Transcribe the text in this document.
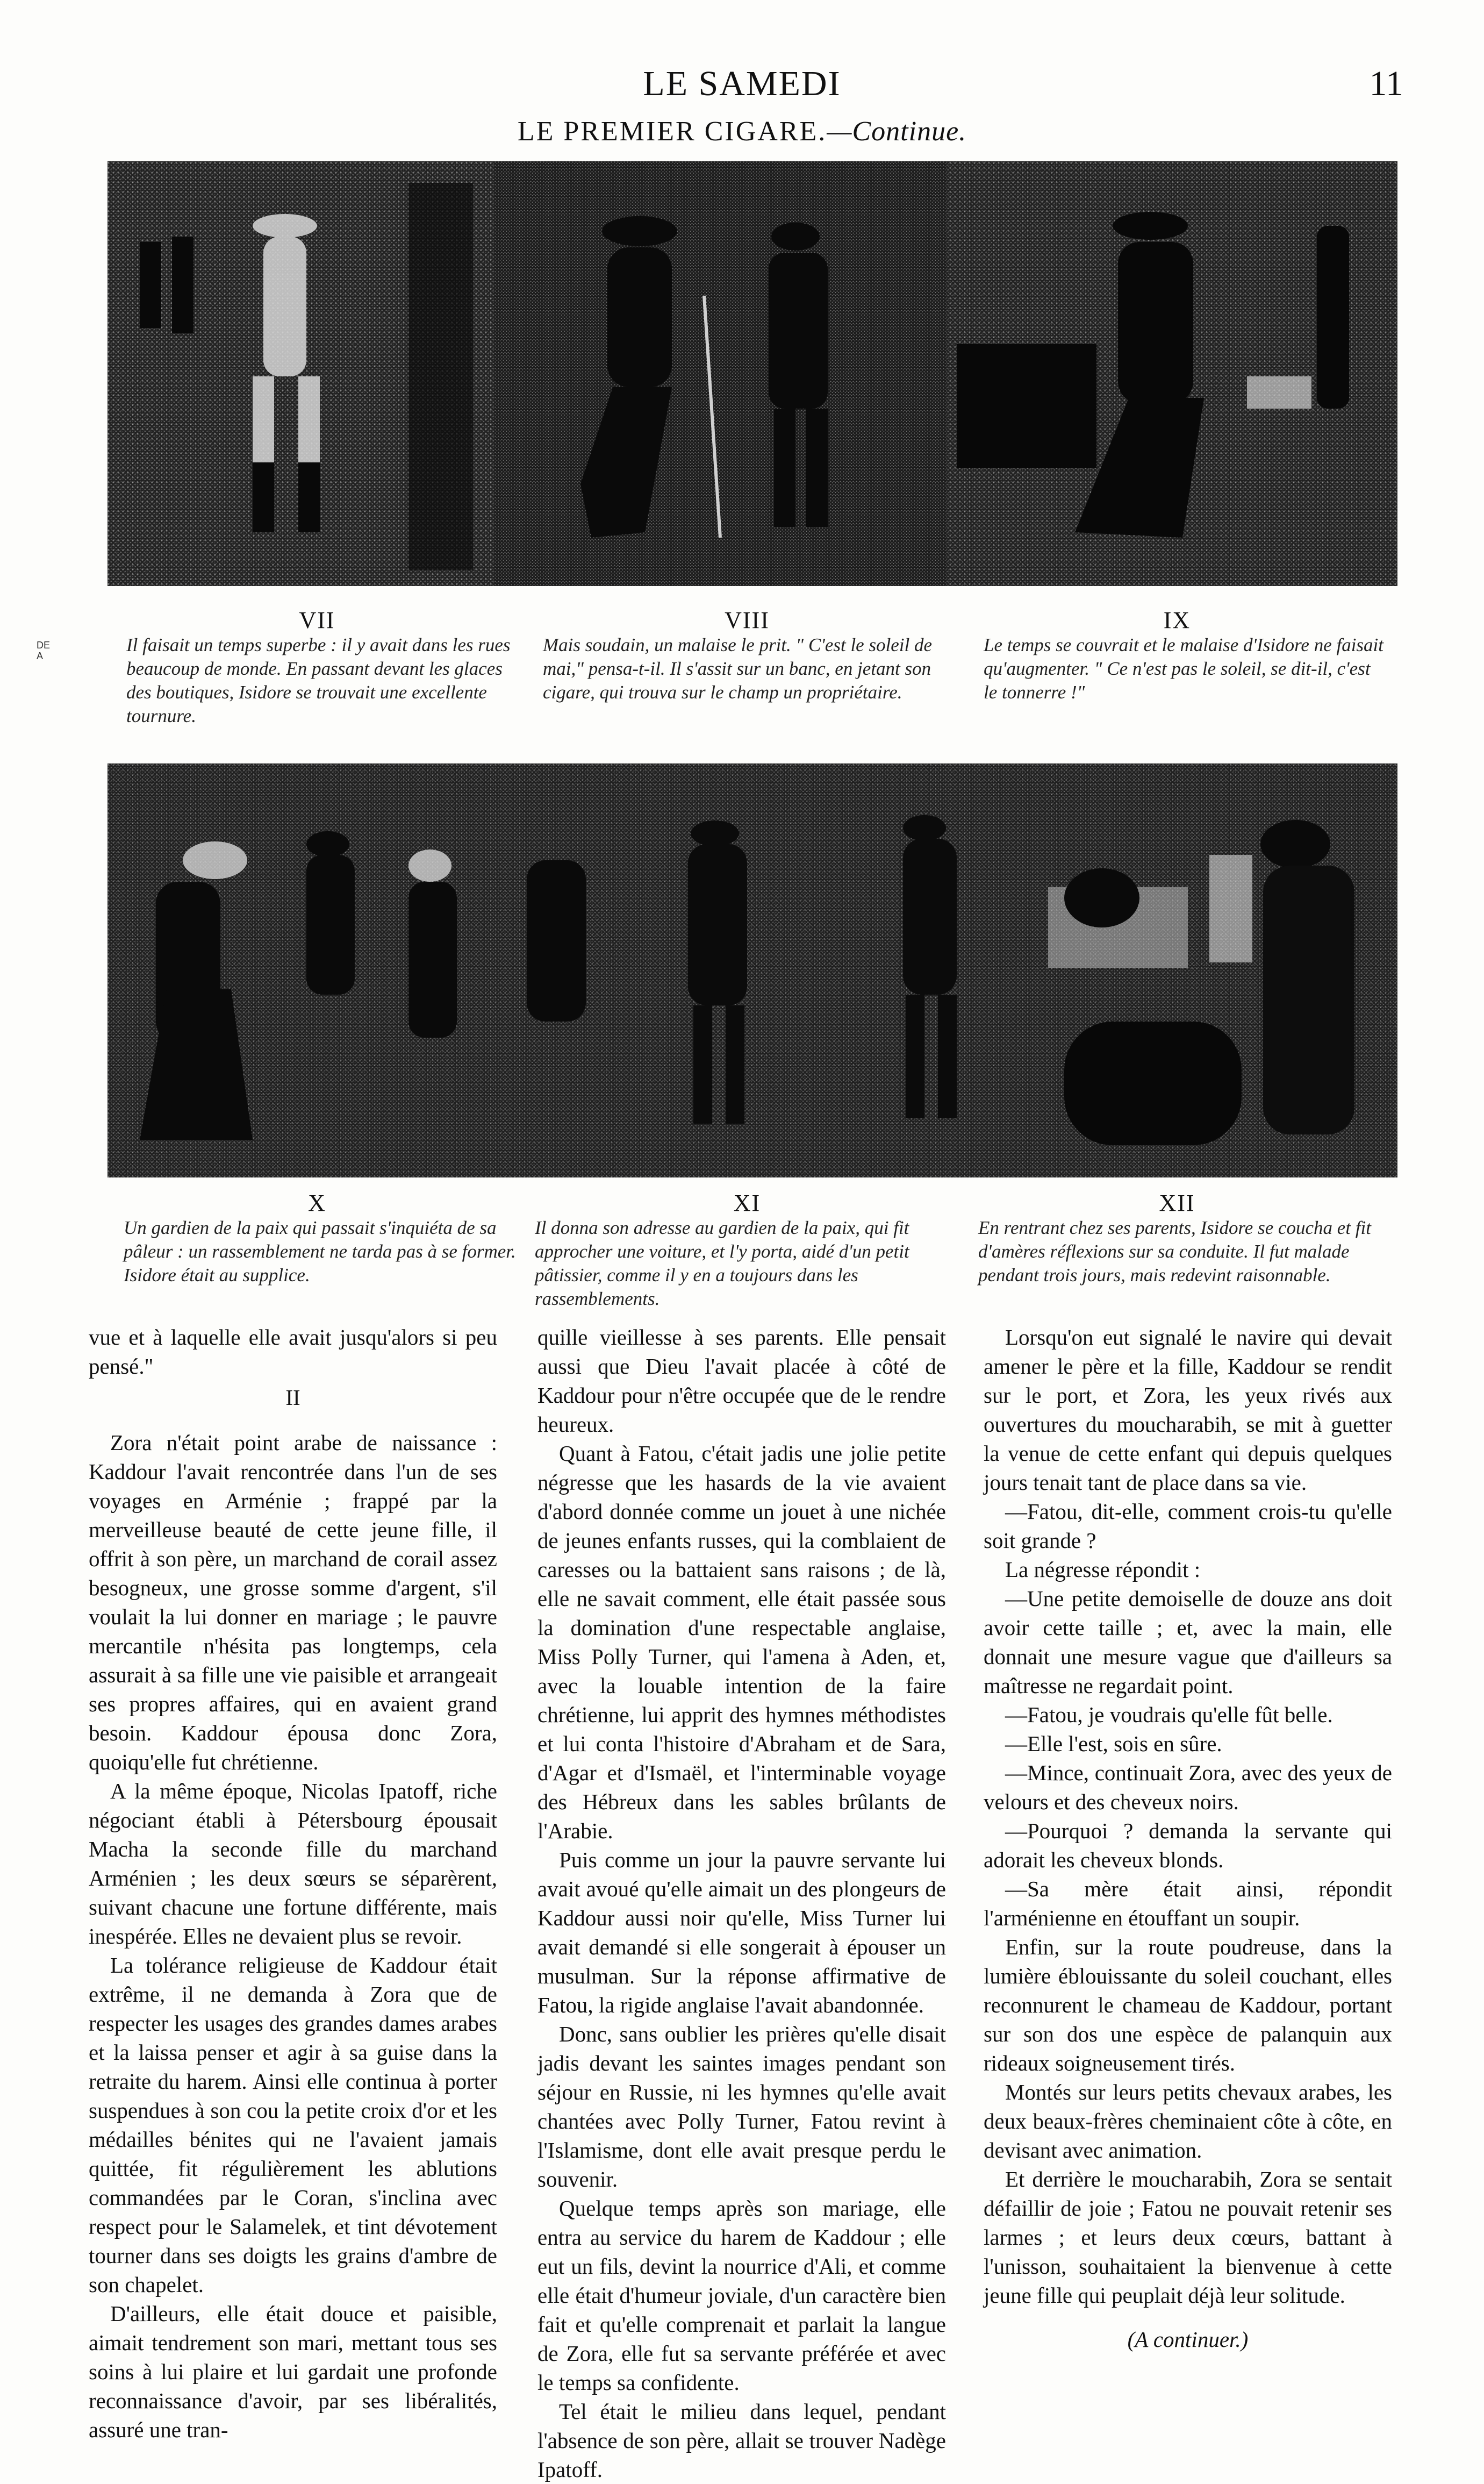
LE SAMEDI	11
LE PREMIER CIGARE.—Continue.
DEA
VII	VIII	IX
Il faisait un temps superbe : il y avait dans les rues beaucoup de monde. En passant devant les glaces des boutiques, Isidore se trouvait une excellente tournure.
Mais soudain, un malaise le prit. " C'est le soleil de mai," pensa-t-il. Il s'assit sur un banc, en jetant son cigare, qui trouva sur le champ un propriétaire.
Le temps se couvrait et le malaise d'Isidore ne faisait qu'augmenter. " Ce n'est pas le soleil, se dit-il, c'est le tonnerre !"
X	XI	XII
Un gardien de la paix qui passait s'inquiéta de sa pâleur : un rassemblement ne tarda pas à se former. Isidore était au supplice.
Il donna son adresse au gardien de la paix, qui fit approcher une voiture, et l'y porta, aidé d'un petit pâtissier, comme il y en a toujours dans les rassemblements.
En rentrant chez ses parents, Isidore se coucha et fit d'amères réflexions sur sa conduite. Il fut malade pendant trois jours, mais redevint raisonnable.

vue et à laquelle elle avait jusqu'alors si peu pensé."

II

Zora n'était point arabe de naissance : Kaddour l'avait rencontrée dans l'un de ses voyages en Arménie ; frappé par la merveilleuse beauté de cette jeune fille, il offrit à son père, un marchand de corail assez besogneux, une grosse somme d'argent, s'il voulait la lui donner en mariage ; le pauvre mercantile n'hésita pas longtemps, cela assurait à sa fille une vie paisible et arrangeait ses propres affaires, qui en avaient grand besoin. Kaddour épousa donc Zora, quoiqu'elle fut chrétienne.

A la même époque, Nicolas Ipatoff, riche négociant établi à Pétersbourg épousait Macha la seconde fille du marchand Arménien ; les deux sœurs se séparèrent, suivant chacune une fortune différente, mais inespérée. Elles ne devaient plus se revoir.

La tolérance religieuse de Kaddour était extrême, il ne demanda à Zora que de respecter les usages des grandes dames arabes et la laissa penser et agir à sa guise dans la retraite du harem. Ainsi elle continua à porter suspendues à son cou la petite croix d'or et les médailles bénites qui ne l'avaient jamais quittée, fit régulièrement les ablutions commandées par le Coran, s'inclina avec respect pour le Salamelek, et tint dévotement tourner dans ses doigts les grains d'ambre de son chapelet.

D'ailleurs, elle était douce et paisible, aimait tendrement son mari, mettant tous ses soins à lui plaire et lui gardait une profonde reconnaissance d'avoir, par ses libéralités, assuré une tran-

quille vieillesse à ses parents. Elle pensait aussi que Dieu l'avait placée à côté de Kaddour pour n'être occupée que de le rendre heureux.

Quant à Fatou, c'était jadis une jolie petite négresse que les hasards de la vie avaient d'abord donnée comme un jouet à une nichée de jeunes enfants russes, qui la comblaient de caresses ou la battaient sans raisons ; de là, elle ne savait comment, elle était passée sous la domination d'une respectable anglaise, Miss Polly Turner, qui l'amena à Aden, et, avec la louable intention de la faire chrétienne, lui apprit des hymnes méthodistes et lui conta l'histoire d'Abraham et de Sara, d'Agar et d'Ismaël, et l'interminable voyage des Hébreux dans les sables brûlants de l'Arabie.

Puis comme un jour la pauvre servante lui avait avoué qu'elle aimait un des plongeurs de Kaddour aussi noir qu'elle, Miss Turner lui avait demandé si elle songerait à épouser un musulman. Sur la réponse affirmative de Fatou, la rigide anglaise l'avait abandonnée.

Donc, sans oublier les prières qu'elle disait jadis devant les saintes images pendant son séjour en Russie, ni les hymnes qu'elle avait chantées avec Polly Turner, Fatou revint à l'Islamisme, dont elle avait presque perdu le souvenir.

Quelque temps après son mariage, elle entra au service du harem de Kaddour ; elle eut un fils, devint la nourrice d'Ali, et comme elle était d'humeur joviale, d'un caractère bien fait et qu'elle comprenait et parlait la langue de Zora, elle fut sa servante préférée et avec le temps sa confidente.

Tel était le milieu dans lequel, pendant l'absence de son père, allait se trouver Nadège Ipatoff.

Lorsqu'on eut signalé le navire qui devait amener le père et la fille, Kaddour se rendit sur le port, et Zora, les yeux rivés aux ouvertures du moucharabih, se mit à guetter la venue de cette enfant qui depuis quelques jours tenait tant de place dans sa vie.

—Fatou, dit-elle, comment crois-tu qu'elle soit grande ?

La négresse répondit :

—Une petite demoiselle de douze ans doit avoir cette taille ; et, avec la main, elle donnait une mesure vague que d'ailleurs sa maîtresse ne regardait point.

—Fatou, je voudrais qu'elle fût belle.

—Elle l'est, sois en sûre.

—Mince, continuait Zora, avec des yeux de velours et des cheveux noirs.

—Pourquoi ? demanda la servante qui adorait les cheveux blonds.

—Sa mère était ainsi, répondit l'arménienne en étouffant un soupir.

Enfin, sur la route poudreuse, dans la lumière éblouissante du soleil couchant, elles reconnurent le chameau de Kaddour, portant sur son dos une espèce de palanquin aux rideaux soigneusement tirés.

Montés sur leurs petits chevaux arabes, les deux beaux-frères cheminaient côte à côte, en devisant avec animation.

Et derrière le moucharabih, Zora se sentait défaillir de joie ; Fatou ne pouvait retenir ses larmes ; et leurs deux cœurs, battant à l'unisson, souhaitaient la bienvenue à cette jeune fille qui peuplait déjà leur solitude.

(A continuer.)
